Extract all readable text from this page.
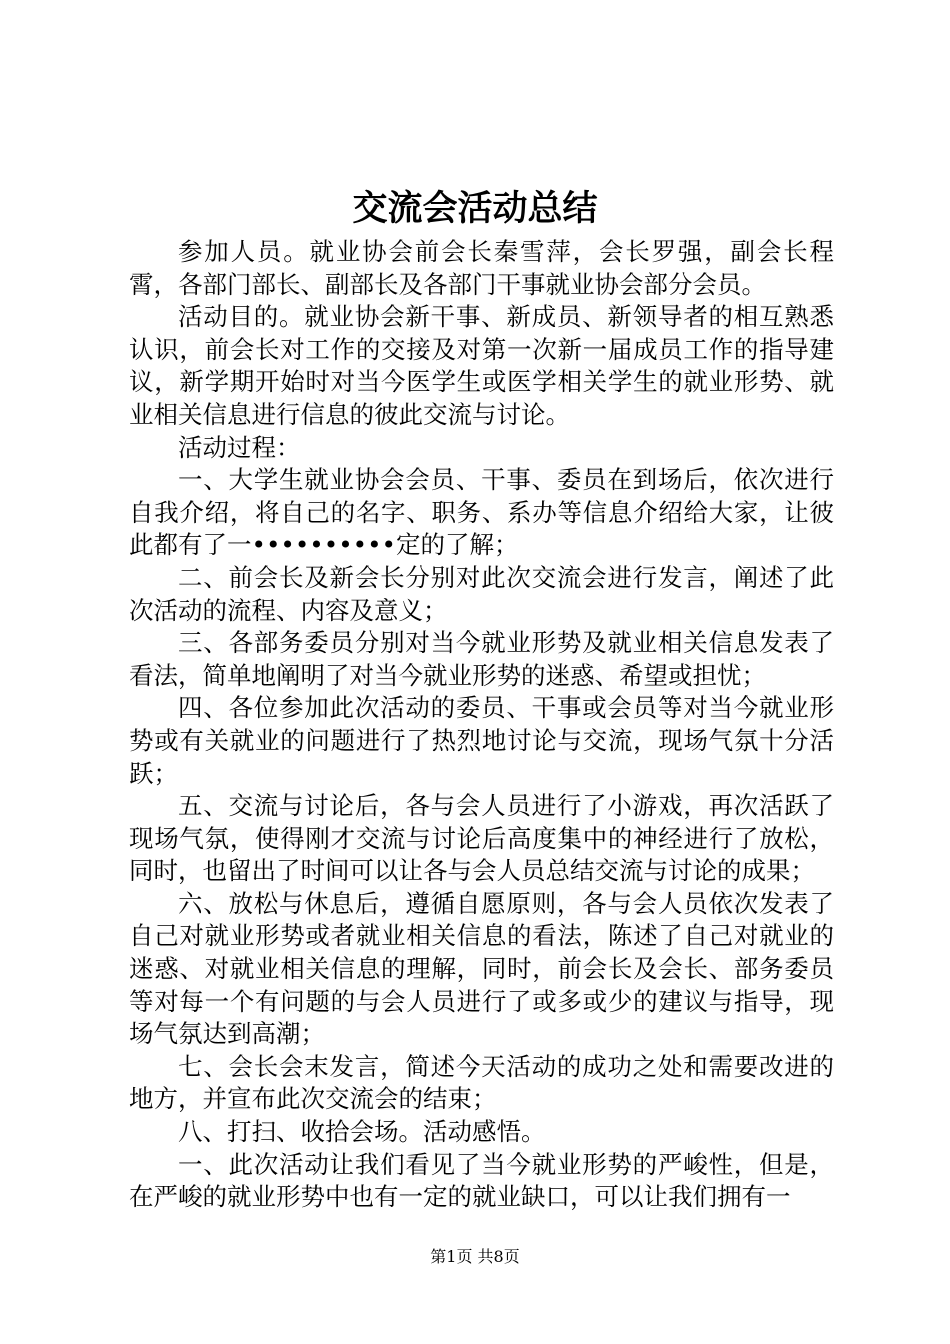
交流会活动总结

参加人员。就业协会前会长秦雪萍，会长罗强，副会长程霄，各部门部长、副部长及各部门干事就业协会部分会员。

活动目的。就业协会新干事、新成员、新领导者的相互熟悉认识，前会长对工作的交接及对第一次新一届成员工作的指导建议，新学期开始时对当今医学生或医学相关学生的就业形势、就业相关信息进行信息的彼此交流与讨论。

活动过程：

一、大学生就业协会会员、干事、委员在到场后，依次进行自我介绍，将自己的名字、职务、系办等信息介绍给大家，让彼此都有了一••••••••••定的了解；

二、前会长及新会长分别对此次交流会进行发言，阐述了此次活动的流程、内容及意义；

三、各部务委员分别对当今就业形势及就业相关信息发表了看法，简单地阐明了对当今就业形势的迷惑、希望或担忧；

四、各位参加此次活动的委员、干事或会员等对当今就业形势或有关就业的问题进行了热烈地讨论与交流，现场气氛十分活跃；

五、交流与讨论后，各与会人员进行了小游戏，再次活跃了现场气氛，使得刚才交流与讨论后高度集中的神经进行了放松，同时，也留出了时间可以让各与会人员总结交流与讨论的成果；

六、放松与休息后，遵循自愿原则，各与会人员依次发表了自己对就业形势或者就业相关信息的看法，陈述了自己对就业的迷惑、对就业相关信息的理解，同时，前会长及会长、部务委员等对每一个有问题的与会人员进行了或多或少的建议与指导，现场气氛达到高潮；

七、会长会末发言，简述今天活动的成功之处和需要改进的地方，并宣布此次交流会的结束；

八、打扫、收拾会场。活动感悟。

一、此次活动让我们看见了当今就业形势的严峻性，但是，在严峻的就业形势中也有一定的就业缺口，可以让我们拥有一

第1页 共8页
